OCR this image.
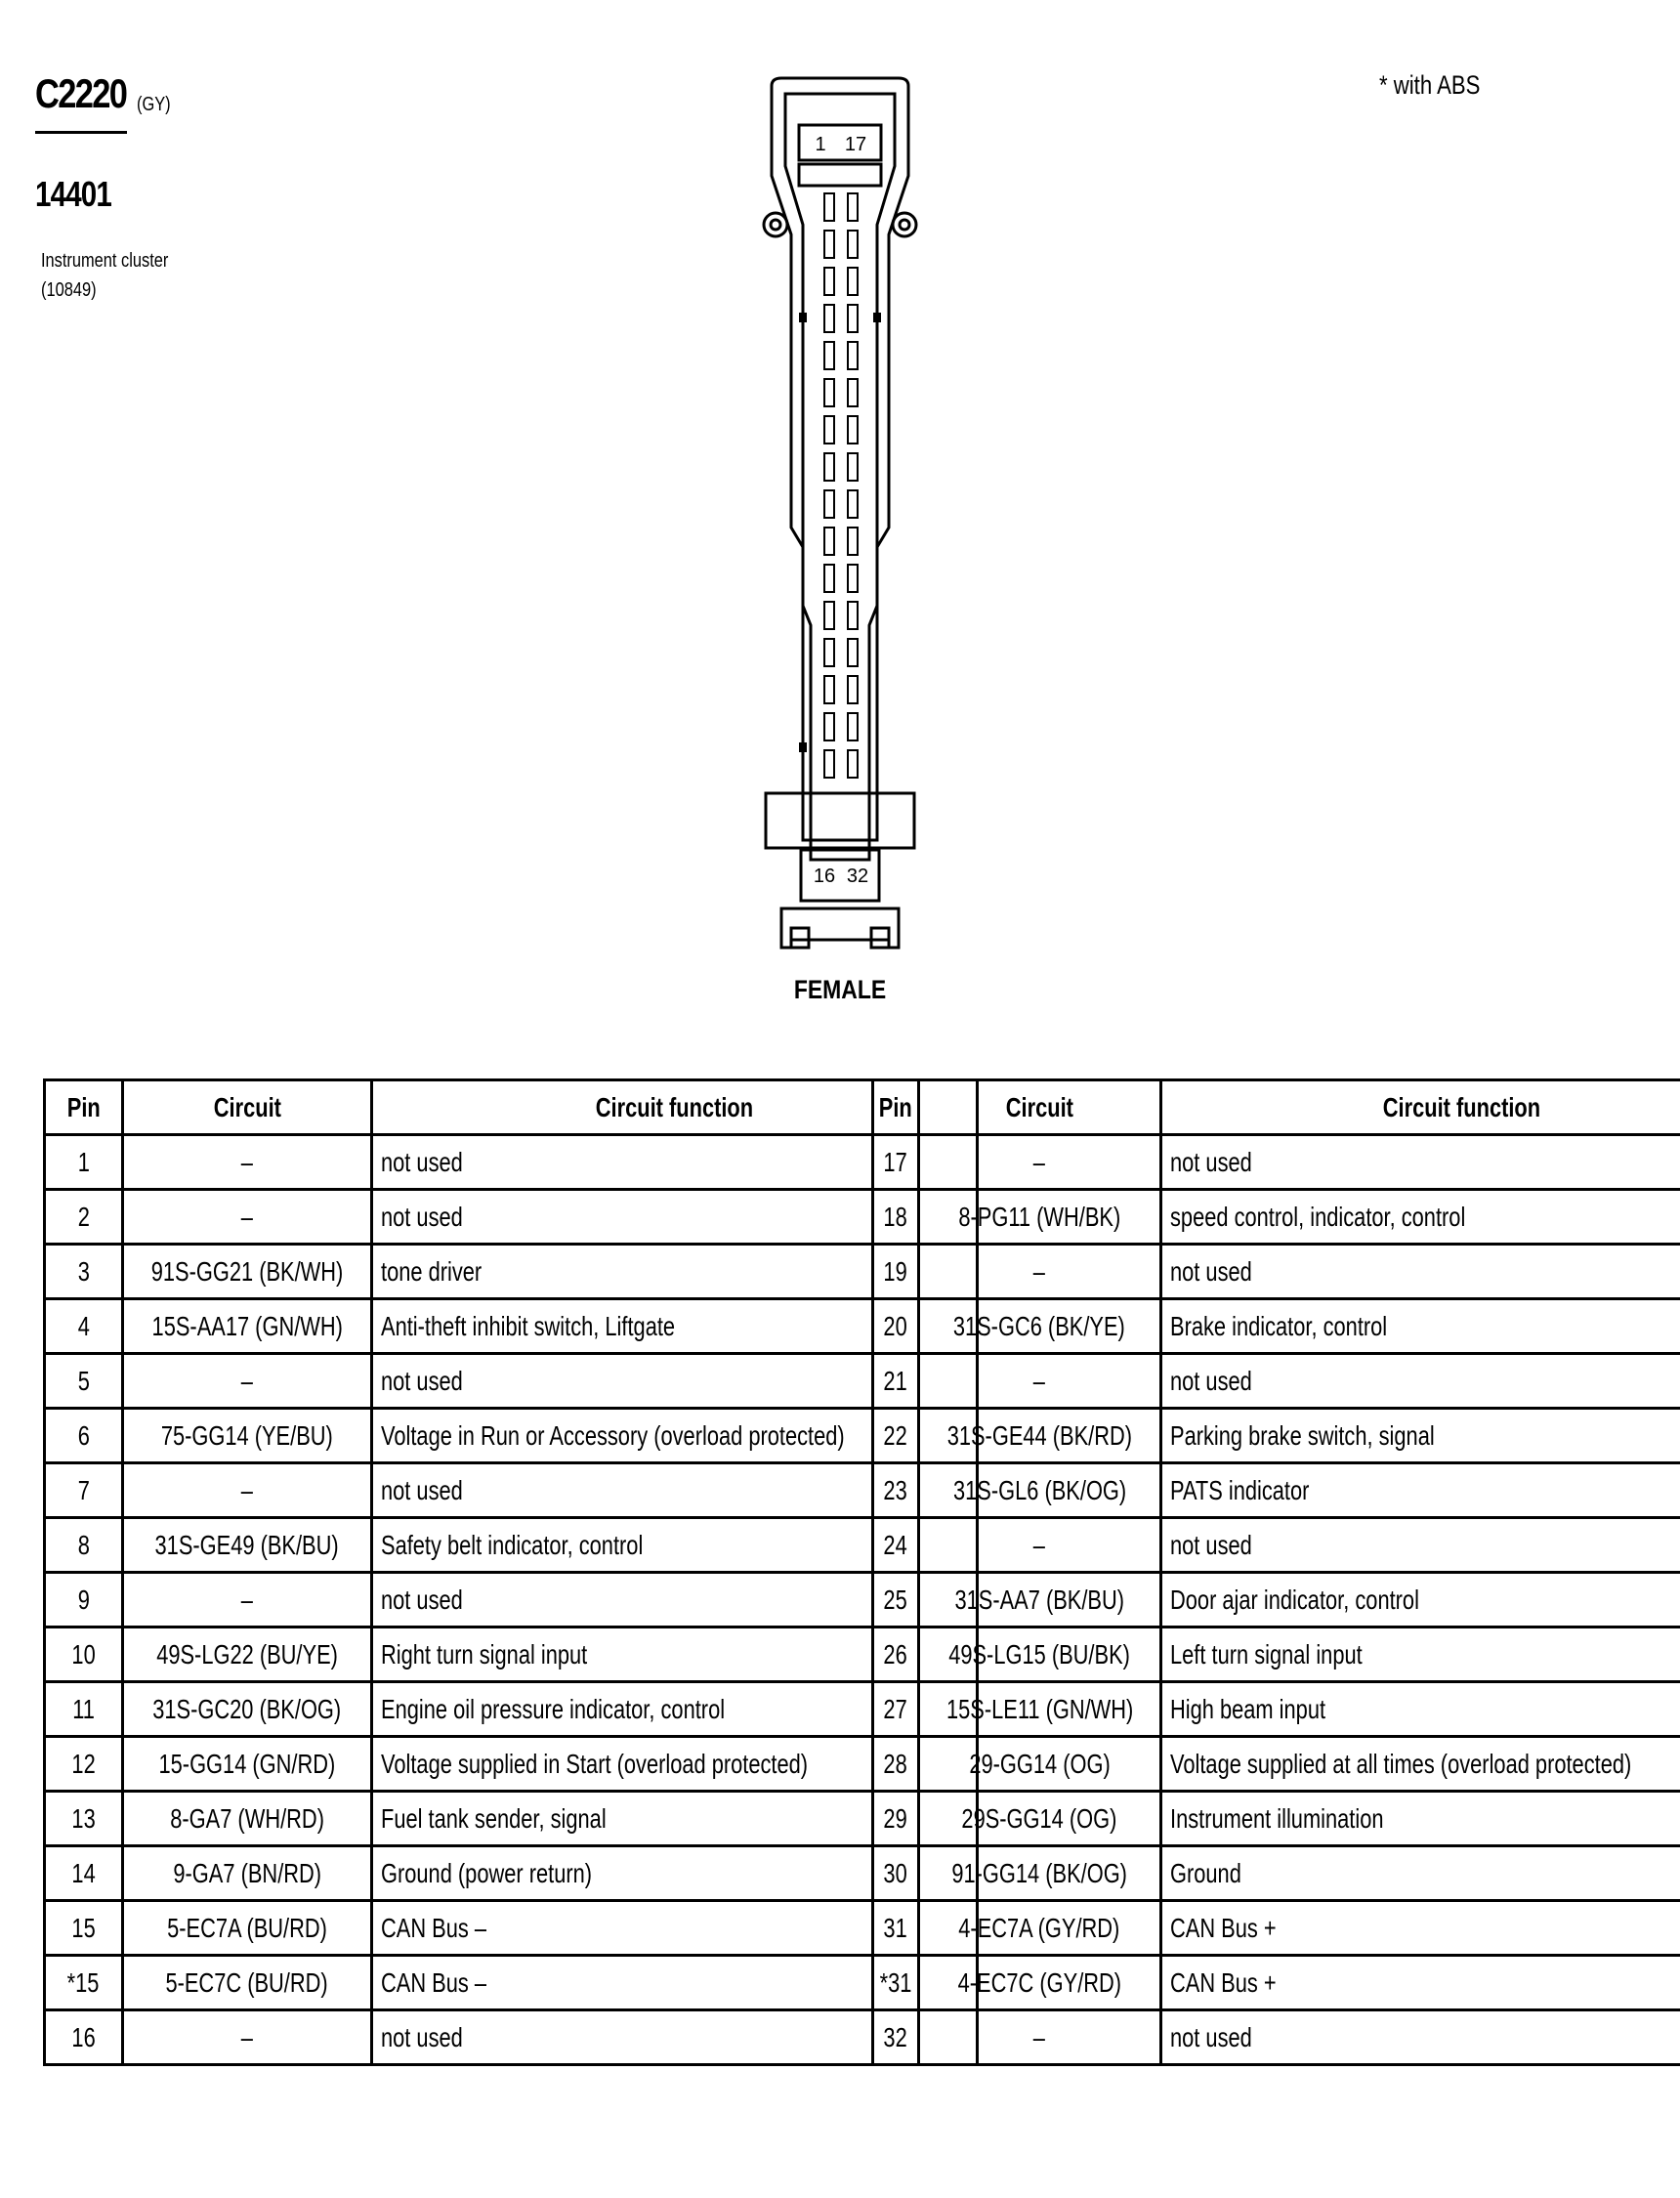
C2220 (GY)
14401
Instrument cluster
(10849)
* with ABS
1 17
16 32
FEMALE
Pin	Circuit	Circuit function
1	–	not used
2	–	not used
3	91S-GG21 (BK/WH)	tone driver
4	15S-AA17 (GN/WH)	Anti-theft inhibit switch, Liftgate
5	–	not used
6	75-GG14 (YE/BU)	Voltage in Run or Accessory (overload protected)
7	–	not used
8	31S-GE49 (BK/BU)	Safety belt indicator, control
9	–	not used
10	49S-LG22 (BU/YE)	Right turn signal input
11	31S-GC20 (BK/OG)	Engine oil pressure indicator, control
12	15-GG14 (GN/RD)	Voltage supplied in Start (overload protected)
13	8-GA7 (WH/RD)	Fuel tank sender, signal
14	9-GA7 (BN/RD)	Ground (power return)
15	5-EC7A (BU/RD)	CAN Bus –
*15	5-EC7C (BU/RD)	CAN Bus –
16	–	not used
Pin	Circuit	Circuit function
17	–	not used
18	8-PG11 (WH/BK)	speed control, indicator, control
19	–	not used
20	31S-GC6 (BK/YE)	Brake indicator, control
21	–	not used
22	31S-GE44 (BK/RD)	Parking brake switch, signal
23	31S-GL6 (BK/OG)	PATS indicator
24	–	not used
25	31S-AA7 (BK/BU)	Door ajar indicator, control
26	49S-LG15 (BU/BK)	Left turn signal input
27	15S-LE11 (GN/WH)	High beam input
28	29-GG14 (OG)	Voltage supplied at all times (overload protected)
29	29S-GG14 (OG)	Instrument illumination
30	91-GG14 (BK/OG)	Ground
31	4-EC7A (GY/RD)	CAN Bus +
*31	4-EC7C (GY/RD)	CAN Bus +
32	–	not used
